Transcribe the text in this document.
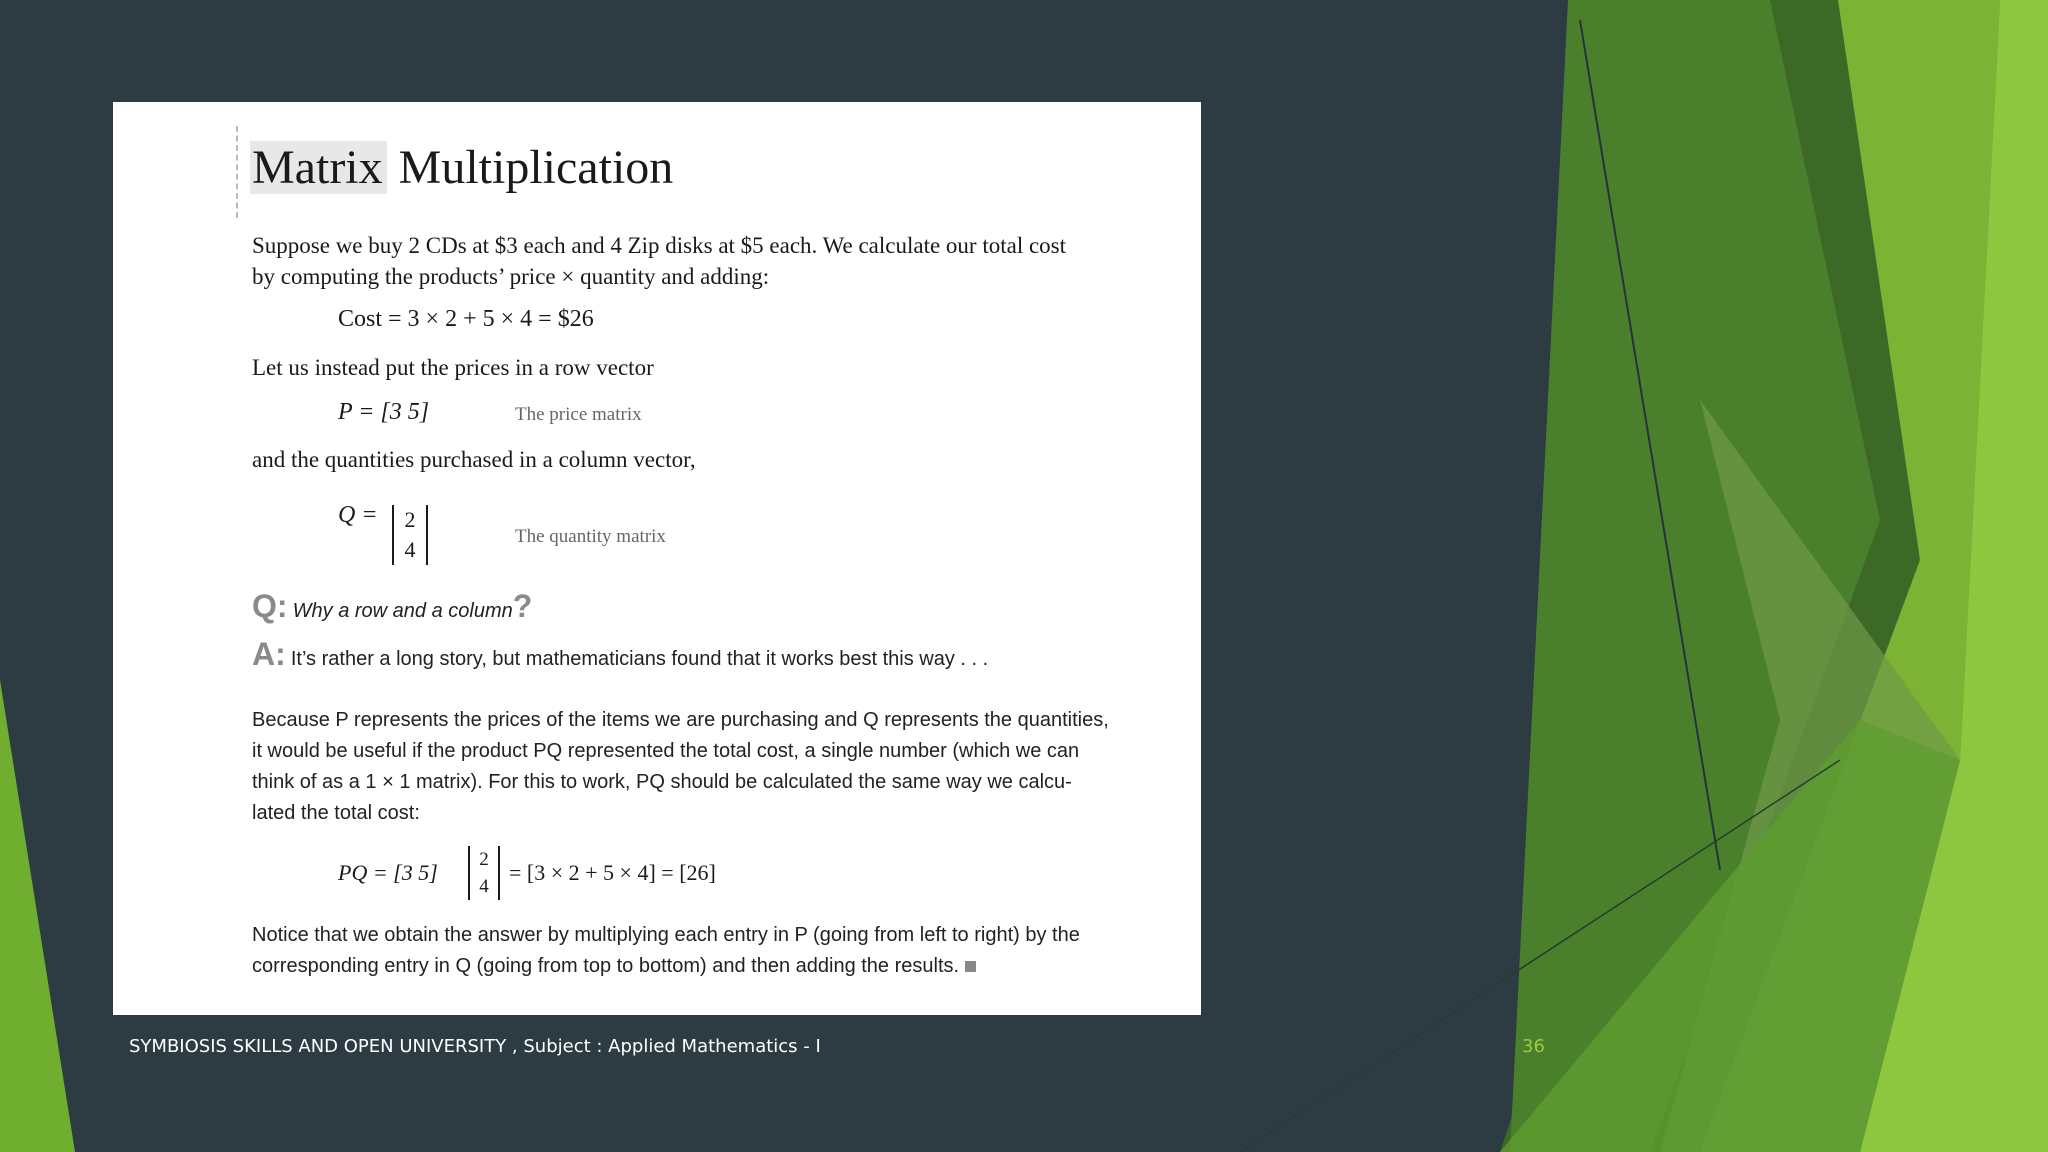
Matrix Multiplication
Suppose we buy 2 CDs at $3 each and 4 Zip disks at $5 each. We calculate our total cost
by computing the products’ price × quantity and adding:
Cost = 3 × 2 + 5 × 4 = $26
Let us instead put the prices in a row vector
P = [3 5]	The price matrix
and the quantities purchased in a column vector,
Q =	2
4
The quantity matrix
Q: Why a row and a column?
A: It’s rather a long story, but mathematicians found that it works best this way . . .
Because P represents the prices of the items we are purchasing and Q represents the quantities,
it would be useful if the product PQ represented the total cost, a single number (which we can
think of as a 1 × 1 matrix). For this to work, PQ should be calculated the same way we calcu-
lated the total cost:
PQ = [3 5]
2
4
= [3 × 2 + 5 × 4] = [26]
Notice that we obtain the answer by multiplying each entry in P (going from left to right) by the
corresponding entry in Q (going from top to bottom) and then adding the results.
SYMBIOSIS SKILLS AND OPEN UNIVERSITY , Subject : Applied Mathematics - I	36
